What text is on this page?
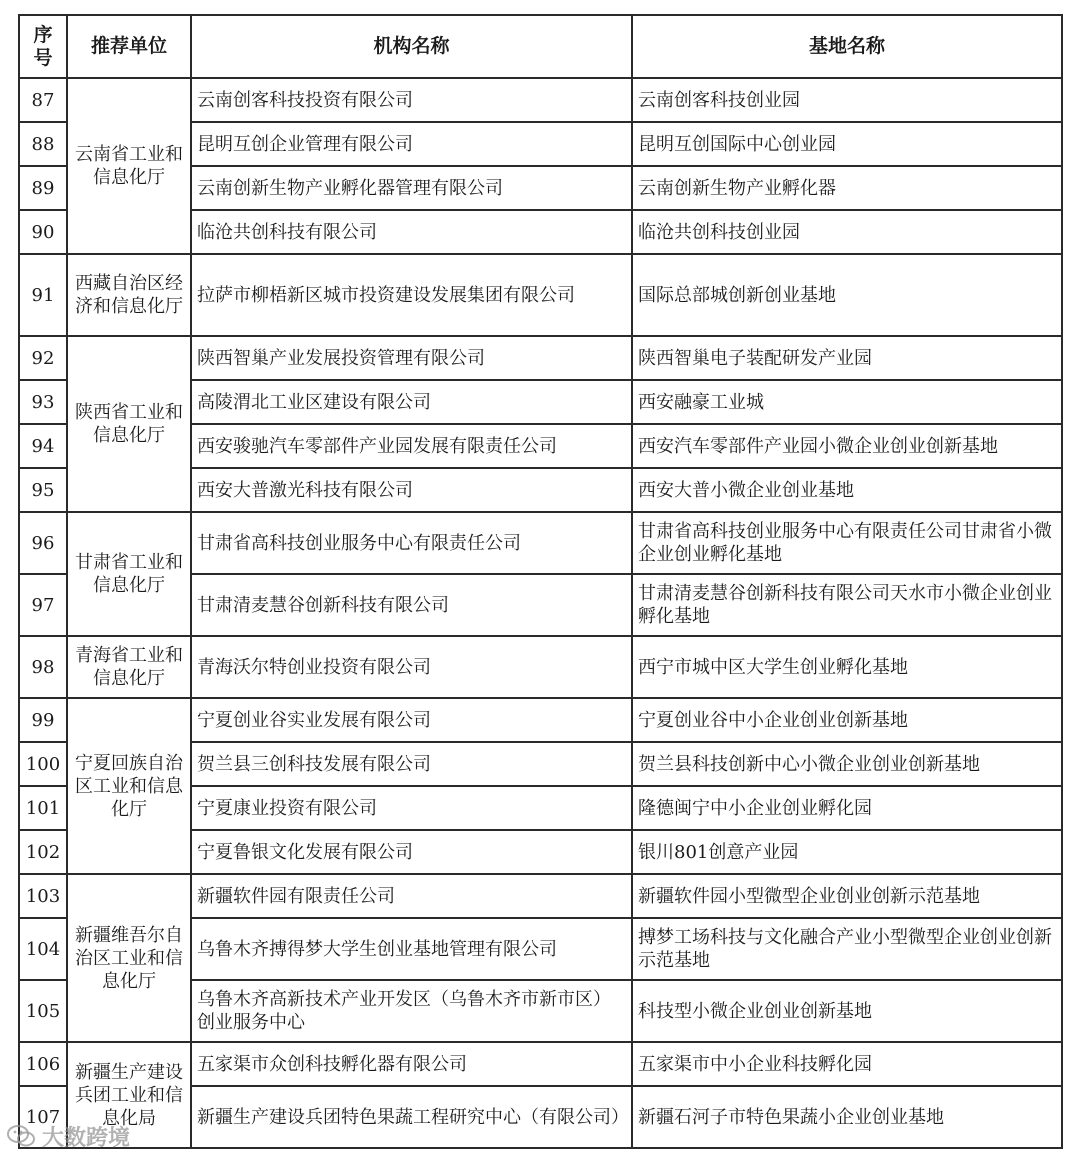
序号	推荐单位	机构名称	基地名称
87	云南省工业和信息化厅	云南创客科技投资有限公司	云南创客科技创业园
88		昆明互创企业管理有限公司	昆明互创国际中心创业园
89		云南创新生物产业孵化器管理有限公司	云南创新生物产业孵化器
90		临沧共创科技有限公司	临沧共创科技创业园
91	西藏自治区经济和信息化厅	拉萨市柳梧新区城市投资建设发展集团有限公司	国际总部城创新创业基地
92	陕西省工业和信息化厅	陕西智巢产业发展投资管理有限公司	陕西智巢电子装配研发产业园
93		高陵渭北工业区建设有限公司	西安融豪工业城
94		西安骏驰汽车零部件产业园发展有限责任公司	西安汽车零部件产业园小微企业创业创新基地
95		西安大普激光科技有限公司	西安大普小微企业创业基地
96	甘肃省工业和信息化厅	甘肃省高科技创业服务中心有限责任公司	甘肃省高科技创业服务中心有限责任公司甘肃省小微企业创业孵化基地
97		甘肃清麦慧谷创新科技有限公司	甘肃清麦慧谷创新科技有限公司天水市小微企业创业孵化基地
98	青海省工业和信息化厅	青海沃尔特创业投资有限公司	西宁市城中区大学生创业孵化基地
99	宁夏回族自治区工业和信息化厅	宁夏创业谷实业发展有限公司	宁夏创业谷中小企业创业创新基地
100		贺兰县三创科技发展有限公司	贺兰县科技创新中心小微企业创业创新基地
101		宁夏康业投资有限公司	隆德闽宁中小企业创业孵化园
102		宁夏鲁银文化发展有限公司	银川801创意产业园
103	新疆维吾尔自治区工业和信息化厅	新疆软件园有限责任公司	新疆软件园小型微型企业创业创新示范基地
104		乌鲁木齐搏得梦大学生创业基地管理有限公司	搏梦工场科技与文化融合产业小型微型企业创业创新示范基地
105		乌鲁木齐高新技术产业开发区（乌鲁木齐市新市区）创业服务中心	科技型小微企业创业创新基地
106	新疆生产建设兵团工业和信息化局	五家渠市众创科技孵化器有限公司	五家渠市中小企业科技孵化园
107		新疆生产建设兵团特色果蔬工程研究中心（有限公司）	新疆石河子市特色果蔬小企业创业基地
大数跨境
